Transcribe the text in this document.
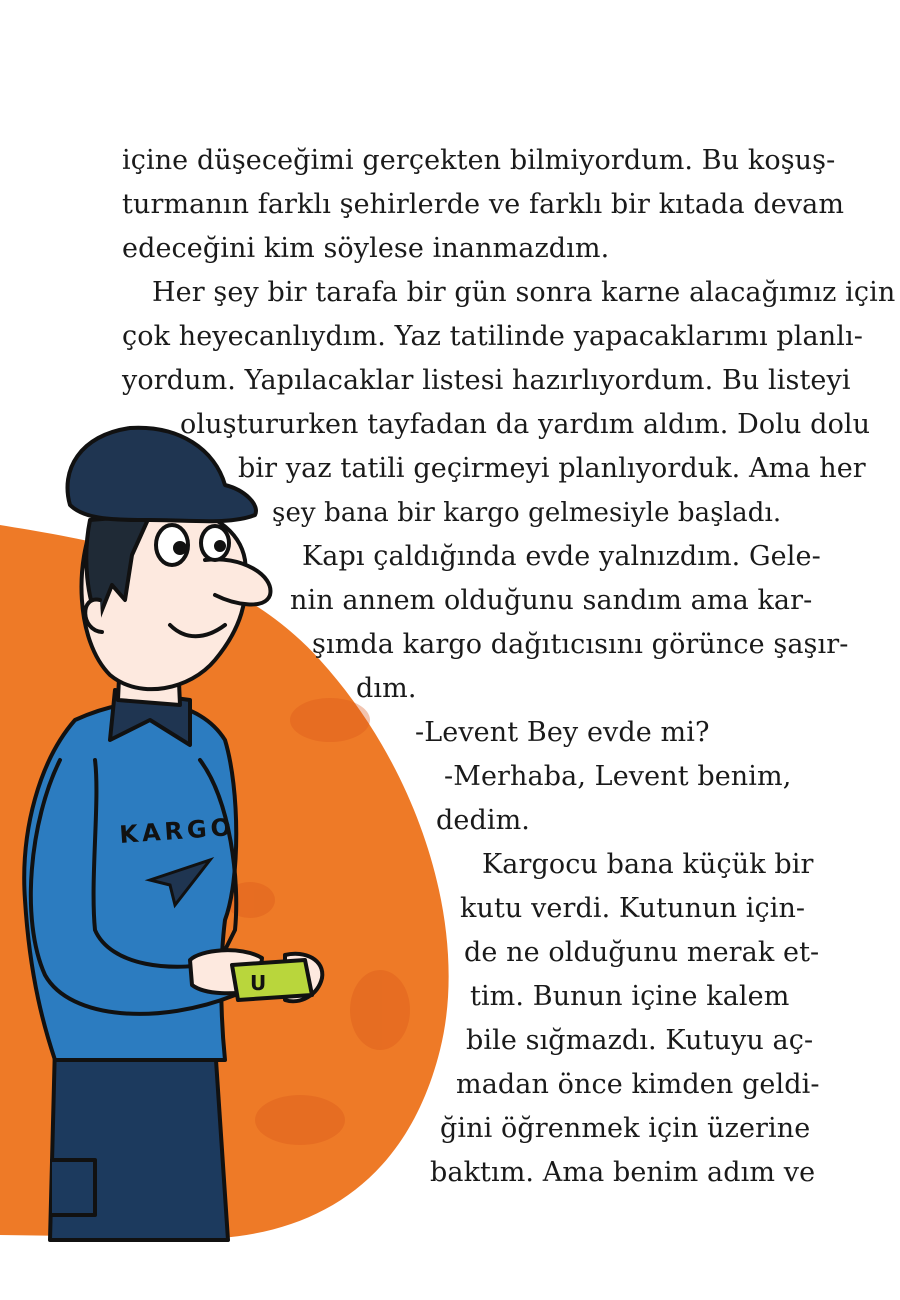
KARGO
U
içine düşeceğimi gerçekten bilmiyordum. Bu koşuş-
turmanın farklı şehirlerde ve farklı bir kıtada devam
edeceğini kim söylese inanmazdım.
Her şey bir tarafa bir gün sonra karne alacağımız için
çok heyecanlıydım. Yaz tatilinde yapacaklarımı planlı-
yordum. Yapılacaklar listesi hazırlıyordum. Bu listeyi
oluştururken tayfadan da yardım aldım. Dolu dolu
bir yaz tatili geçirmeyi planlıyorduk. Ama her
şey bana bir kargo gelmesiyle başladı.
Kapı çaldığında evde yalnızdım. Gele-
nin annem olduğunu sandım ama kar-
şımda kargo dağıtıcısını görünce şaşır-
dım.
-Levent Bey evde mi?
-Merhaba, Levent benim,
dedim.
Kargocu bana küçük bir
kutu verdi. Kutunun için-
de ne olduğunu merak et-
tim. Bunun içine kalem
bile sığmazdı. Kutuyu aç-
madan önce kimden geldi-
ğini öğrenmek için üzerine
baktım. Ama benim adım ve
